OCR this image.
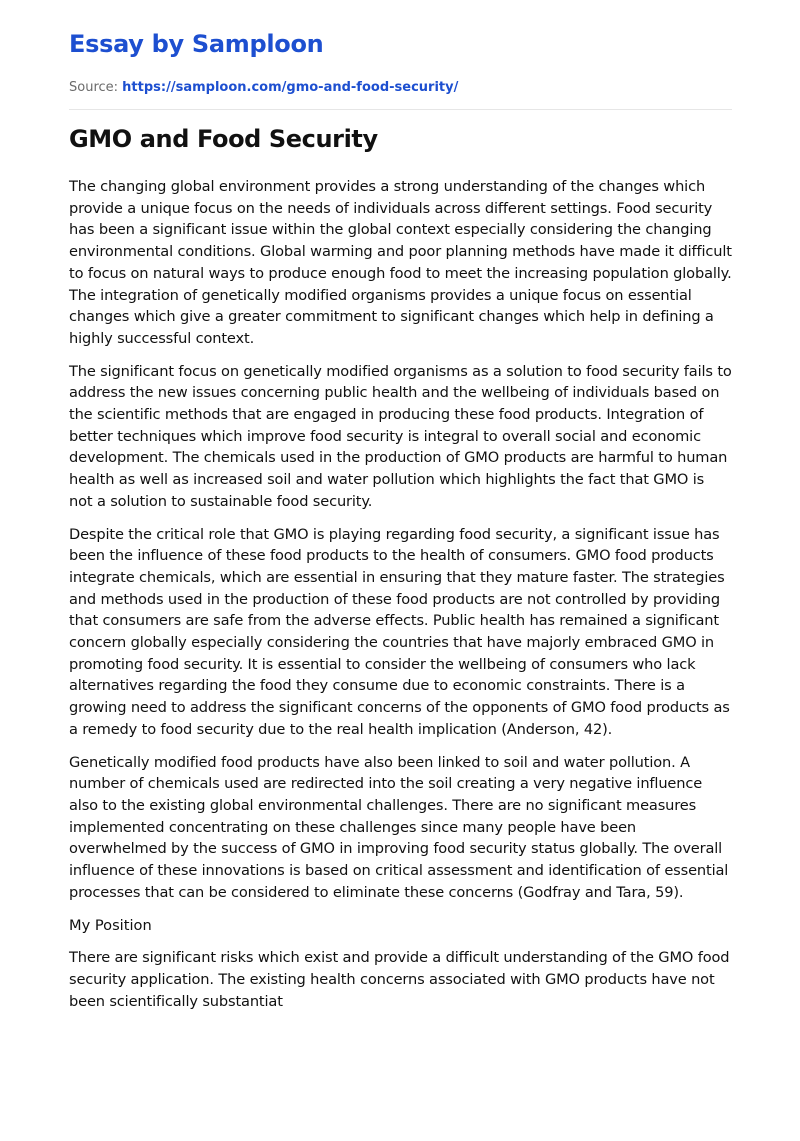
Essay by Samploon
Source: https://samploon.com/gmo-and-food-security/
GMO and Food Security

The changing global environment provides a strong understanding of the changes which provide a unique focus on the needs of individuals across different settings. Food security has been a significant issue within the global context especially considering the changing environmental conditions. Global warming and poor planning methods have made it difficult to focus on natural ways to produce enough food to meet the increasing population globally. The integration of genetically modified organisms provides a unique focus on essential changes which give a greater commitment to significant changes which help in defining a highly successful context.

The significant focus on genetically modified organisms as a solution to food security fails to address the new issues concerning public health and the wellbeing of individuals based on the scientific methods that are engaged in producing these food products. Integration of better techniques which improve food security is integral to overall social and economic development. The chemicals used in the production of GMO products are harmful to human health as well as increased soil and water pollution which highlights the fact that GMO is not a solution to sustainable food security.

Despite the critical role that GMO is playing regarding food security, a significant issue has been the influence of these food products to the health of consumers. GMO food products integrate chemicals, which are essential in ensuring that they mature faster. The strategies and methods used in the production of these food products are not controlled by providing that consumers are safe from the adverse effects. Public health has remained a significant concern globally especially considering the countries that have majorly embraced GMO in promoting food security. It is essential to consider the wellbeing of consumers who lack alternatives regarding the food they consume due to economic constraints. There is a growing need to address the significant concerns of the opponents of GMO food products as a remedy to food security due to the real health implication (Anderson, 42).

Genetically modified food products have also been linked to soil and water pollution. A number of chemicals used are redirected into the soil creating a very negative influence also to the existing global environmental challenges. There are no significant measures implemented concentrating on these challenges since many people have been overwhelmed by the success of GMO in improving food security status globally. The overall influence of these innovations is based on critical assessment and identification of essential processes that can be considered to eliminate these concerns (Godfray and Tara, 59).

My Position

There are significant risks which exist and provide a difficult understanding of the GMO food security application. The existing health concerns associated with GMO products have not been scientifically substantiat
